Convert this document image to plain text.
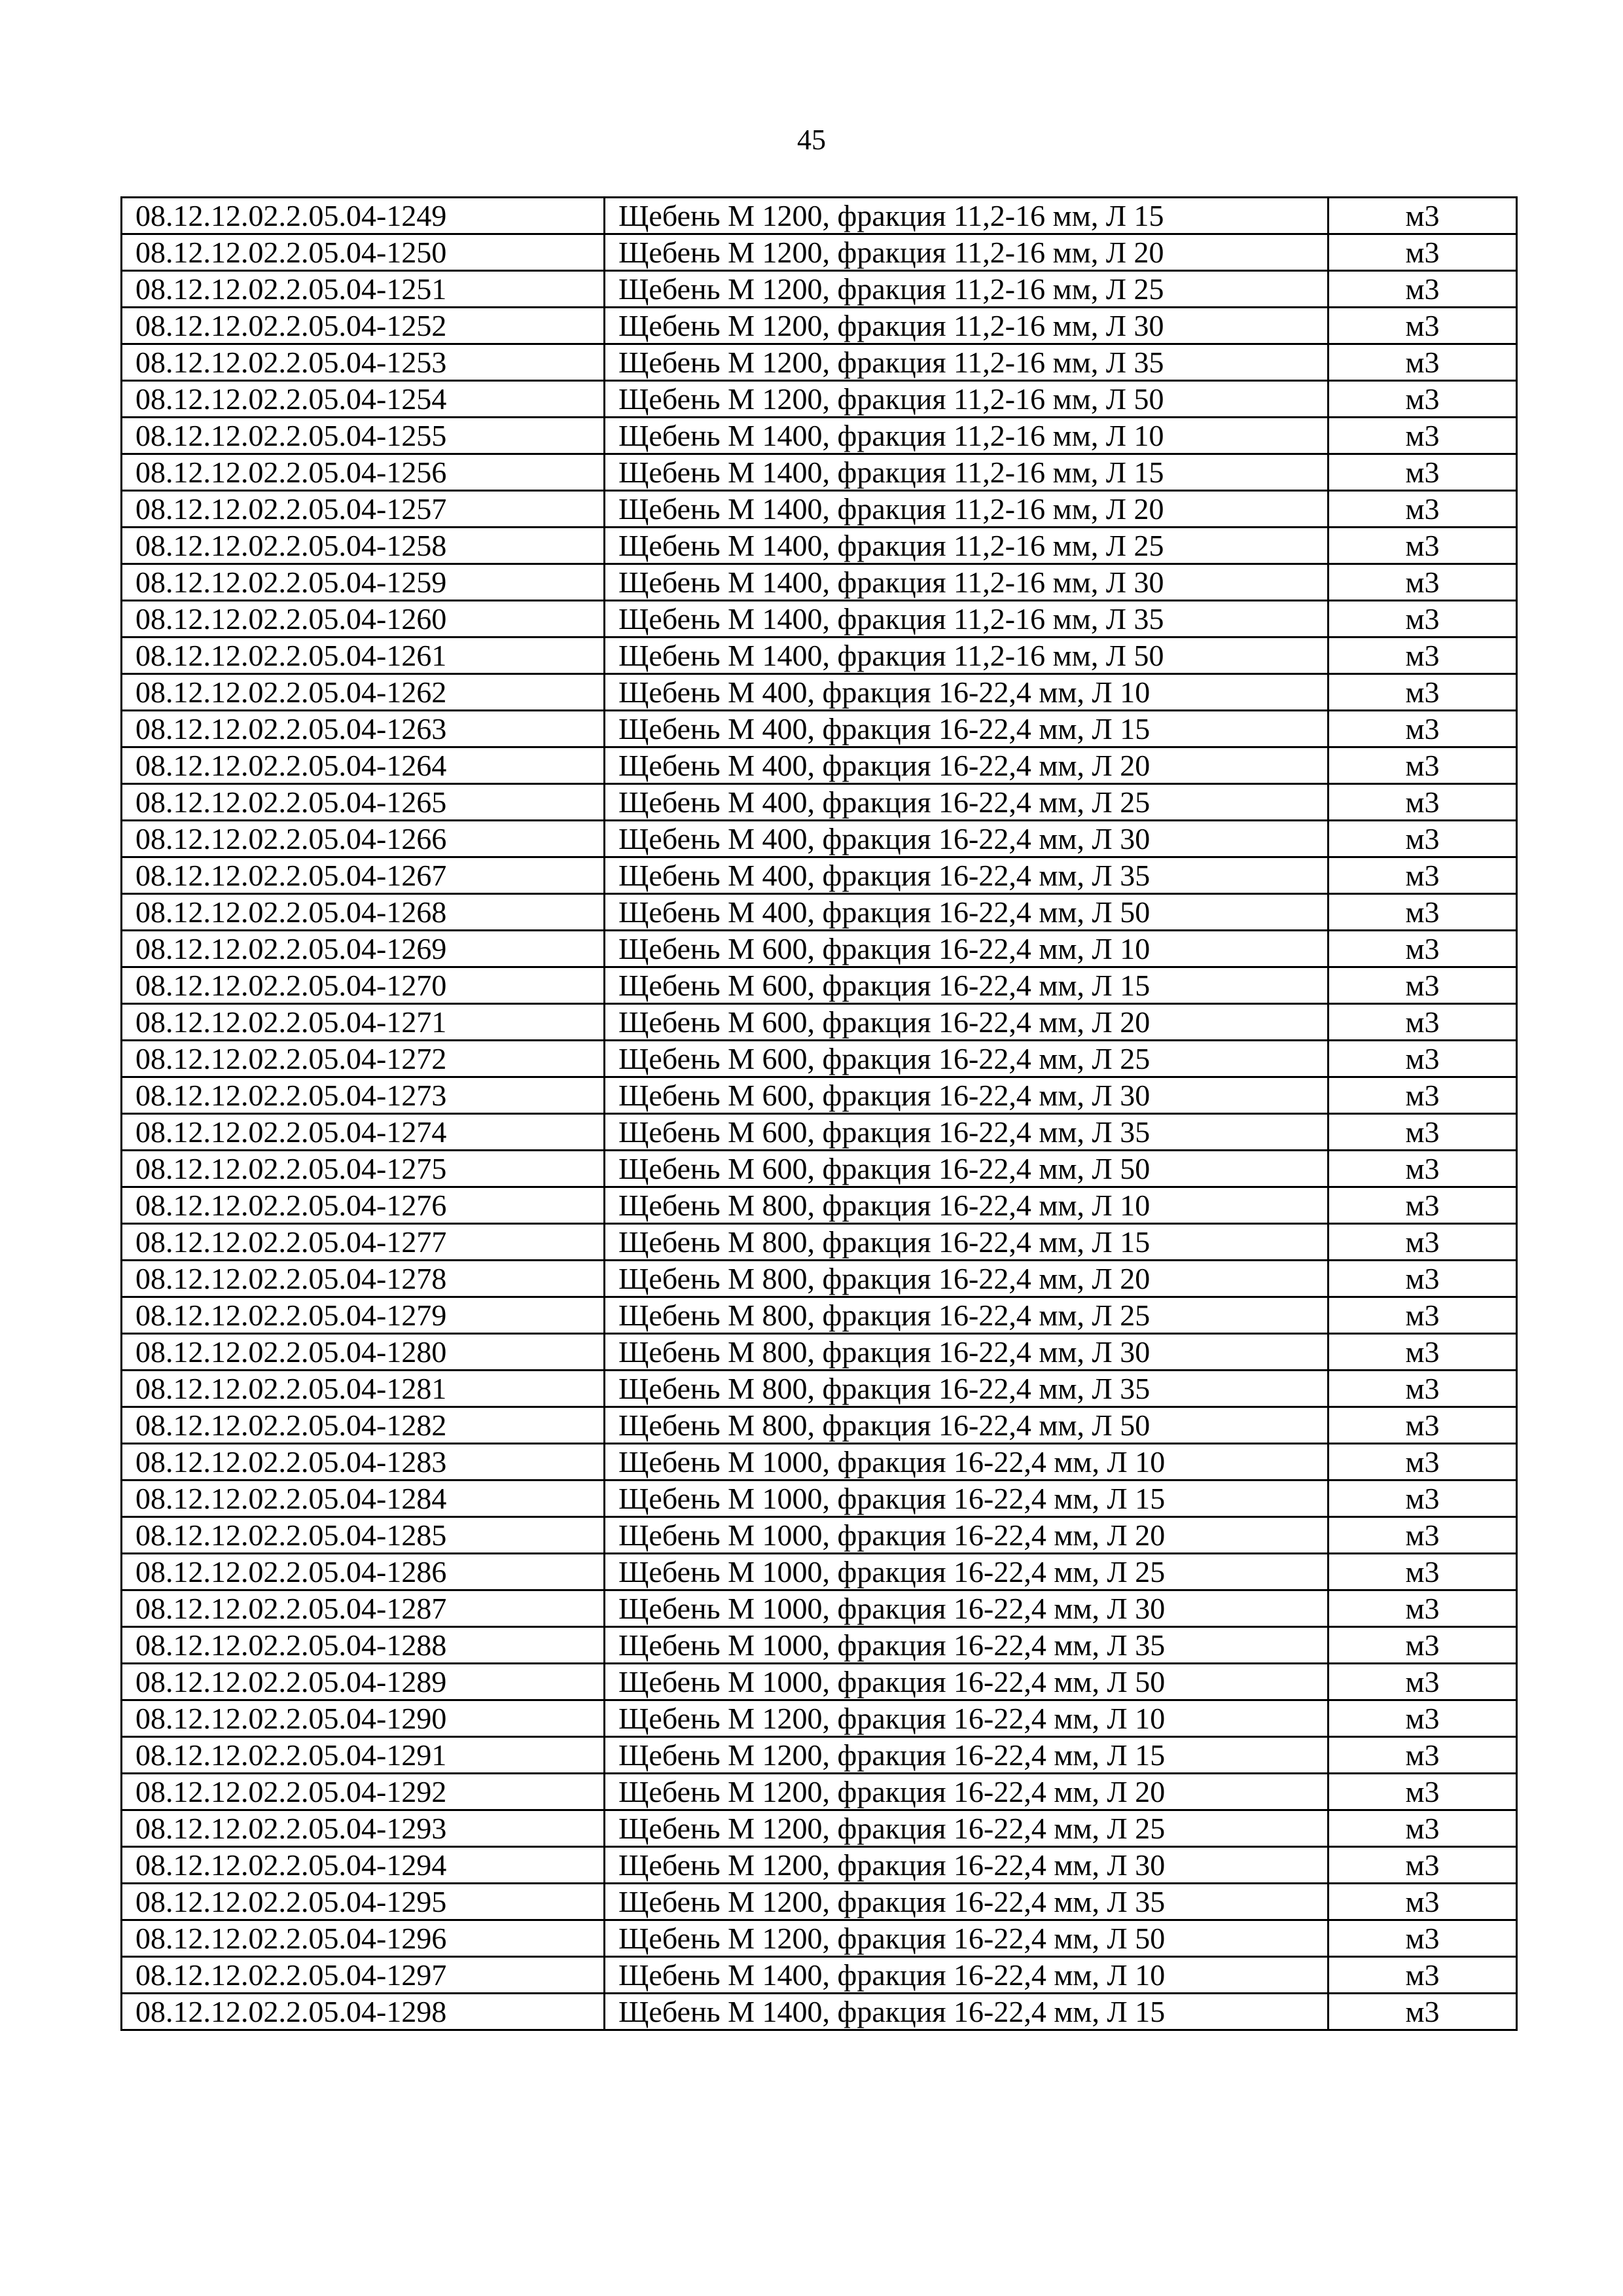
45
08.12.12.02.2.05.04-1249	Щебень М 1200, фракция 11,2-16 мм, Л 15	м3
08.12.12.02.2.05.04-1250	Щебень М 1200, фракция 11,2-16 мм, Л 20	м3
08.12.12.02.2.05.04-1251	Щебень М 1200, фракция 11,2-16 мм, Л 25	м3
08.12.12.02.2.05.04-1252	Щебень М 1200, фракция 11,2-16 мм, Л 30	м3
08.12.12.02.2.05.04-1253	Щебень М 1200, фракция 11,2-16 мм, Л 35	м3
08.12.12.02.2.05.04-1254	Щебень М 1200, фракция 11,2-16 мм, Л 50	м3
08.12.12.02.2.05.04-1255	Щебень М 1400, фракция 11,2-16 мм, Л 10	м3
08.12.12.02.2.05.04-1256	Щебень М 1400, фракция 11,2-16 мм, Л 15	м3
08.12.12.02.2.05.04-1257	Щебень М 1400, фракция 11,2-16 мм, Л 20	м3
08.12.12.02.2.05.04-1258	Щебень М 1400, фракция 11,2-16 мм, Л 25	м3
08.12.12.02.2.05.04-1259	Щебень М 1400, фракция 11,2-16 мм, Л 30	м3
08.12.12.02.2.05.04-1260	Щебень М 1400, фракция 11,2-16 мм, Л 35	м3
08.12.12.02.2.05.04-1261	Щебень М 1400, фракция 11,2-16 мм, Л 50	м3
08.12.12.02.2.05.04-1262	Щебень М 400, фракция 16-22,4 мм, Л 10	м3
08.12.12.02.2.05.04-1263	Щебень М 400, фракция 16-22,4 мм, Л 15	м3
08.12.12.02.2.05.04-1264	Щебень М 400, фракция 16-22,4 мм, Л 20	м3
08.12.12.02.2.05.04-1265	Щебень М 400, фракция 16-22,4 мм, Л 25	м3
08.12.12.02.2.05.04-1266	Щебень М 400, фракция 16-22,4 мм, Л 30	м3
08.12.12.02.2.05.04-1267	Щебень М 400, фракция 16-22,4 мм, Л 35	м3
08.12.12.02.2.05.04-1268	Щебень М 400, фракция 16-22,4 мм, Л 50	м3
08.12.12.02.2.05.04-1269	Щебень М 600, фракция 16-22,4 мм, Л 10	м3
08.12.12.02.2.05.04-1270	Щебень М 600, фракция 16-22,4 мм, Л 15	м3
08.12.12.02.2.05.04-1271	Щебень М 600, фракция 16-22,4 мм, Л 20	м3
08.12.12.02.2.05.04-1272	Щебень М 600, фракция 16-22,4 мм, Л 25	м3
08.12.12.02.2.05.04-1273	Щебень М 600, фракция 16-22,4 мм, Л 30	м3
08.12.12.02.2.05.04-1274	Щебень М 600, фракция 16-22,4 мм, Л 35	м3
08.12.12.02.2.05.04-1275	Щебень М 600, фракция 16-22,4 мм, Л 50	м3
08.12.12.02.2.05.04-1276	Щебень М 800, фракция 16-22,4 мм, Л 10	м3
08.12.12.02.2.05.04-1277	Щебень М 800, фракция 16-22,4 мм, Л 15	м3
08.12.12.02.2.05.04-1278	Щебень М 800, фракция 16-22,4 мм, Л 20	м3
08.12.12.02.2.05.04-1279	Щебень М 800, фракция 16-22,4 мм, Л 25	м3
08.12.12.02.2.05.04-1280	Щебень М 800, фракция 16-22,4 мм, Л 30	м3
08.12.12.02.2.05.04-1281	Щебень М 800, фракция 16-22,4 мм, Л 35	м3
08.12.12.02.2.05.04-1282	Щебень М 800, фракция 16-22,4 мм, Л 50	м3
08.12.12.02.2.05.04-1283	Щебень М 1000, фракция 16-22,4 мм, Л 10	м3
08.12.12.02.2.05.04-1284	Щебень М 1000, фракция 16-22,4 мм, Л 15	м3
08.12.12.02.2.05.04-1285	Щебень М 1000, фракция 16-22,4 мм, Л 20	м3
08.12.12.02.2.05.04-1286	Щебень М 1000, фракция 16-22,4 мм, Л 25	м3
08.12.12.02.2.05.04-1287	Щебень М 1000, фракция 16-22,4 мм, Л 30	м3
08.12.12.02.2.05.04-1288	Щебень М 1000, фракция 16-22,4 мм, Л 35	м3
08.12.12.02.2.05.04-1289	Щебень М 1000, фракция 16-22,4 мм, Л 50	м3
08.12.12.02.2.05.04-1290	Щебень М 1200, фракция 16-22,4 мм, Л 10	м3
08.12.12.02.2.05.04-1291	Щебень М 1200, фракция 16-22,4 мм, Л 15	м3
08.12.12.02.2.05.04-1292	Щебень М 1200, фракция 16-22,4 мм, Л 20	м3
08.12.12.02.2.05.04-1293	Щебень М 1200, фракция 16-22,4 мм, Л 25	м3
08.12.12.02.2.05.04-1294	Щебень М 1200, фракция 16-22,4 мм, Л 30	м3
08.12.12.02.2.05.04-1295	Щебень М 1200, фракция 16-22,4 мм, Л 35	м3
08.12.12.02.2.05.04-1296	Щебень М 1200, фракция 16-22,4 мм, Л 50	м3
08.12.12.02.2.05.04-1297	Щебень М 1400, фракция 16-22,4 мм, Л 10	м3
08.12.12.02.2.05.04-1298	Щебень М 1400, фракция 16-22,4 мм, Л 15	м3
